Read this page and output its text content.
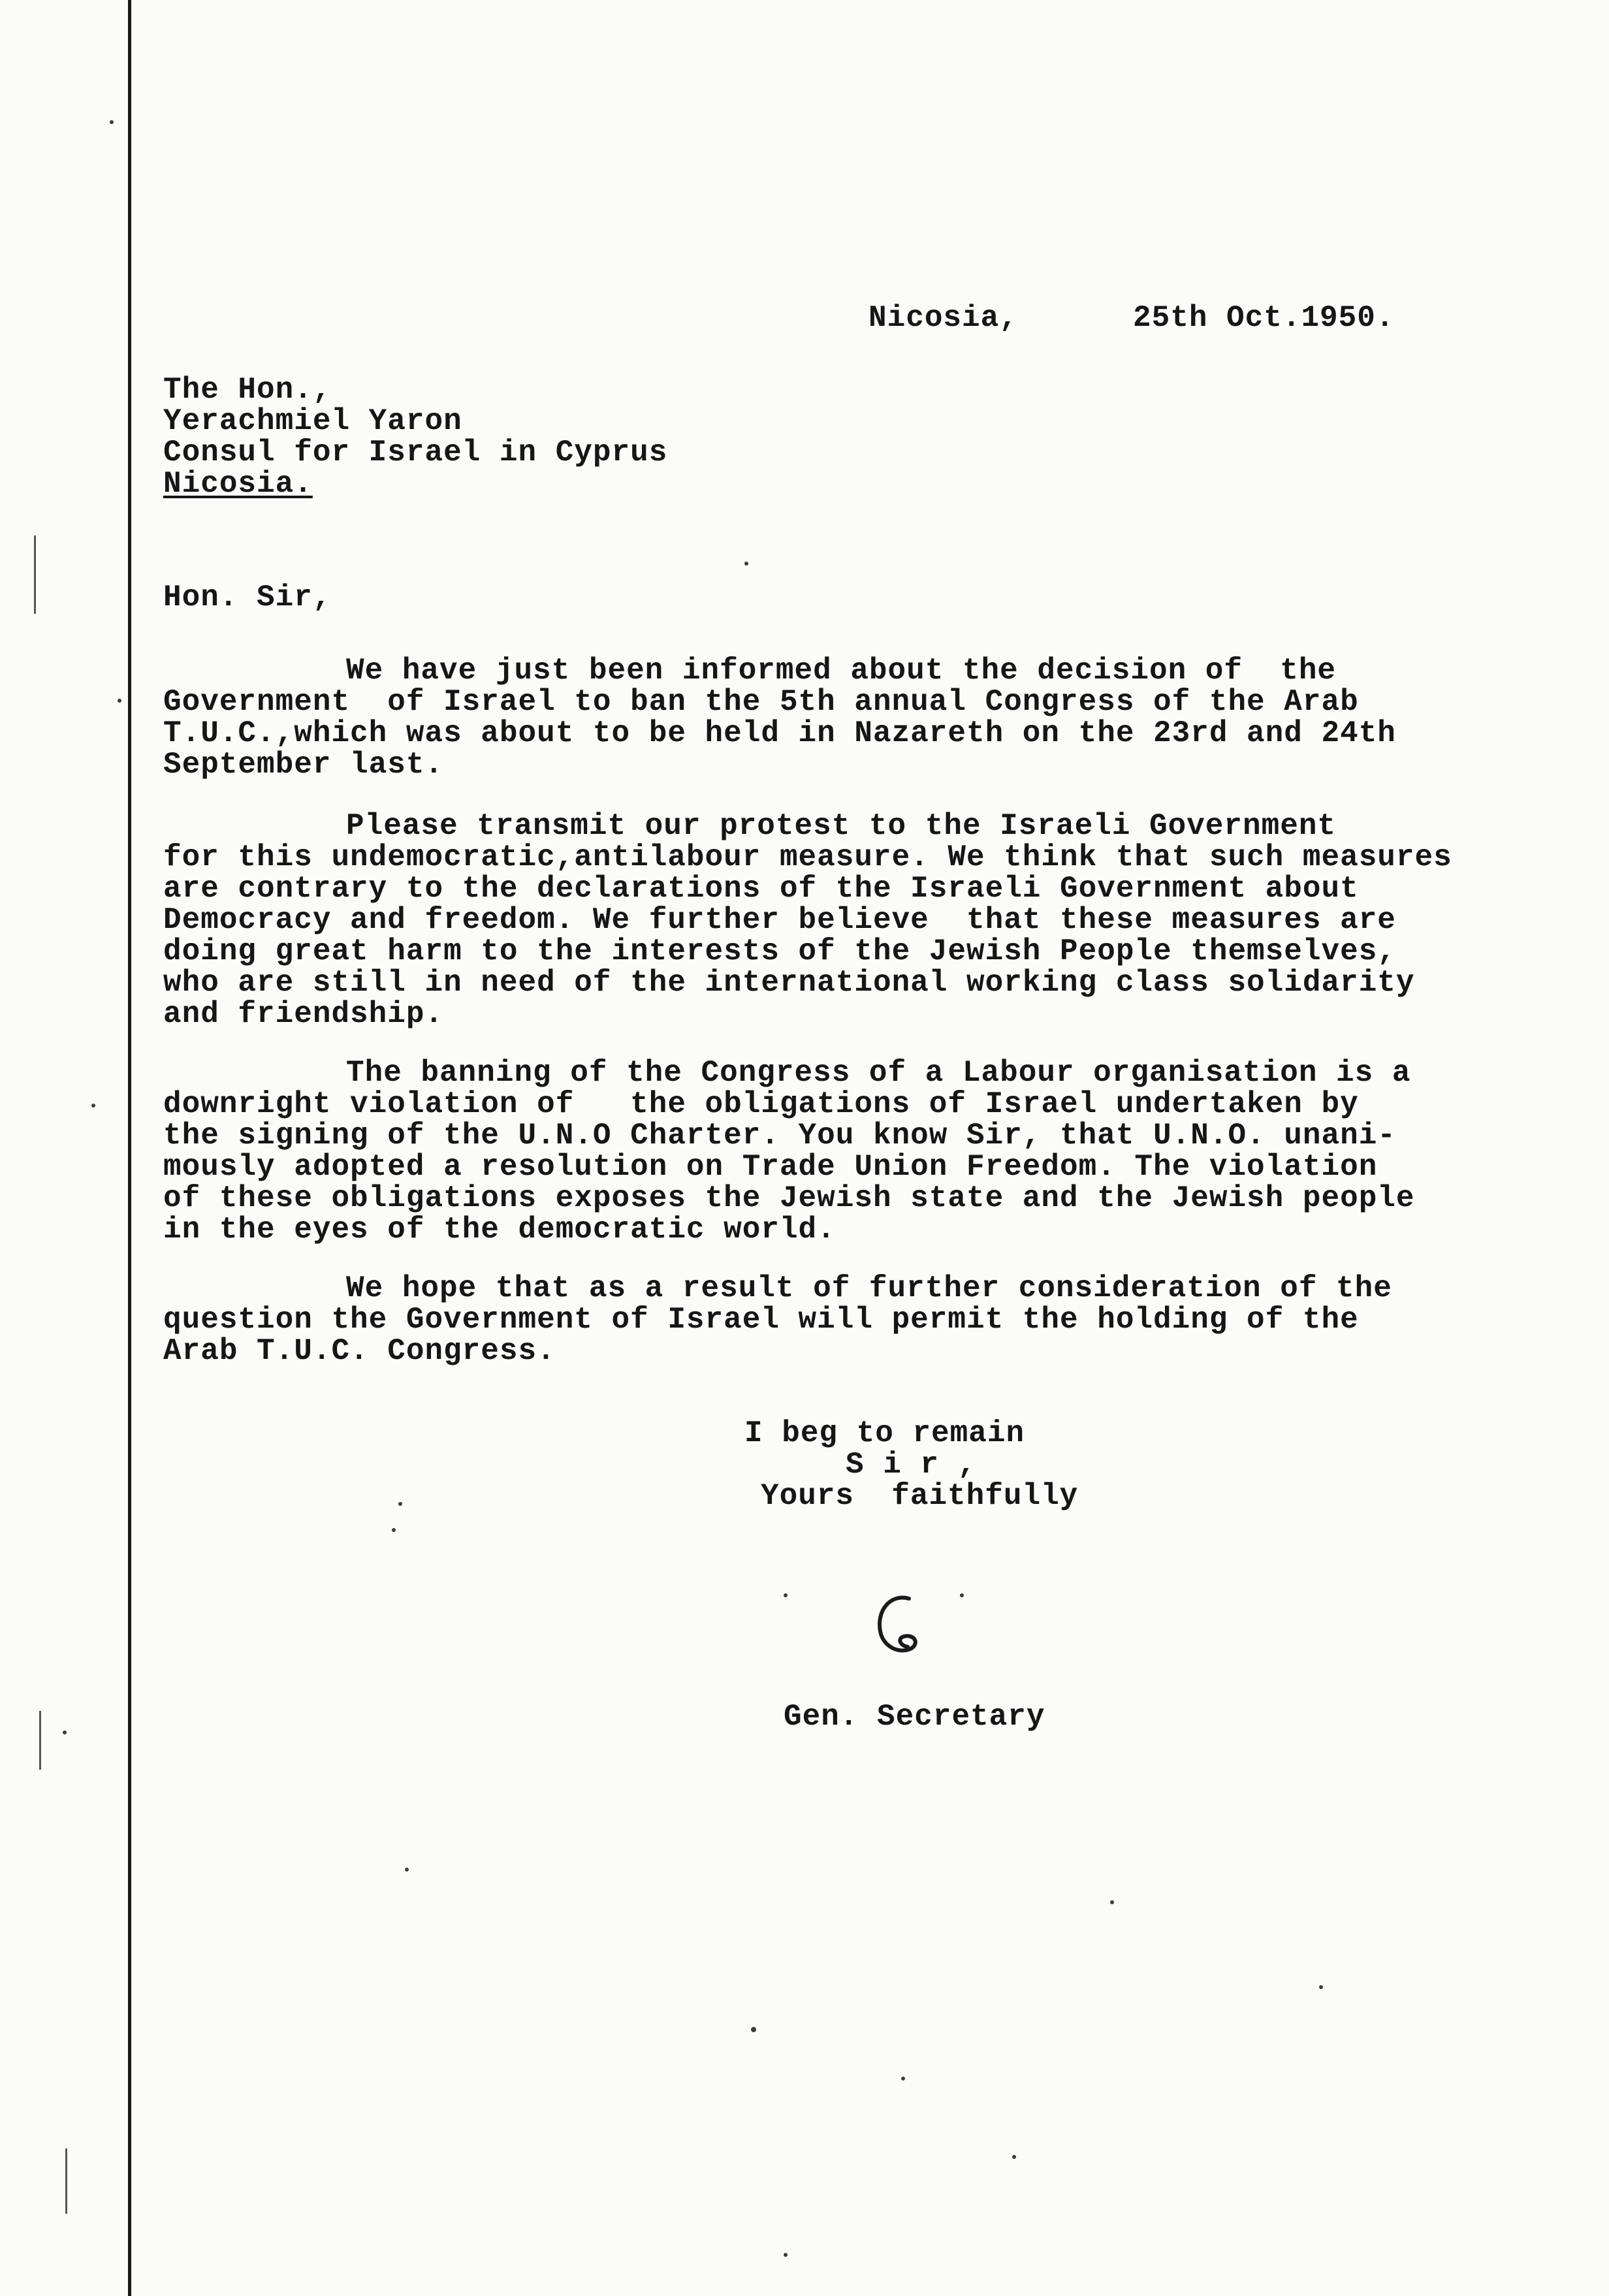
Nicosia,	25th Oct.1950.
The Hon.,
Yerachmiel Yaron
Consul for Israel in Cyprus
Nicosia.
Hon. Sir,
We have just been informed about the decision of  the
Government  of Israel to ban the 5th annual Congress of the Arab
T.U.C.,which was about to be held in Nazareth on the 23rd and 24th
September last.
Please transmit our protest to the Israeli Government
for this undemocratic,antilabour measure. We think that such measures
are contrary to the declarations of the Israeli Government about
Democracy and freedom. We further believe  that these measures are
doing great harm to the interests of the Jewish People themselves,
who are still in need of the international working class solidarity
and friendship.
The banning of the Congress of a Labour organisation is a
downright violation of   the obligations of Israel undertaken by
the signing of the U.N.O Charter. You know Sir, that U.N.O. unani-
mously adopted a resolution on Trade Union Freedom. The violation
of these obligations exposes the Jewish state and the Jewish people
in the eyes of the democratic world.
We hope that as a result of further consideration of the
question the Government of Israel will permit the holding of the
Arab T.U.C. Congress.
I beg to remain
S i r ,
Yours  faithfully
Gen. Secretary
